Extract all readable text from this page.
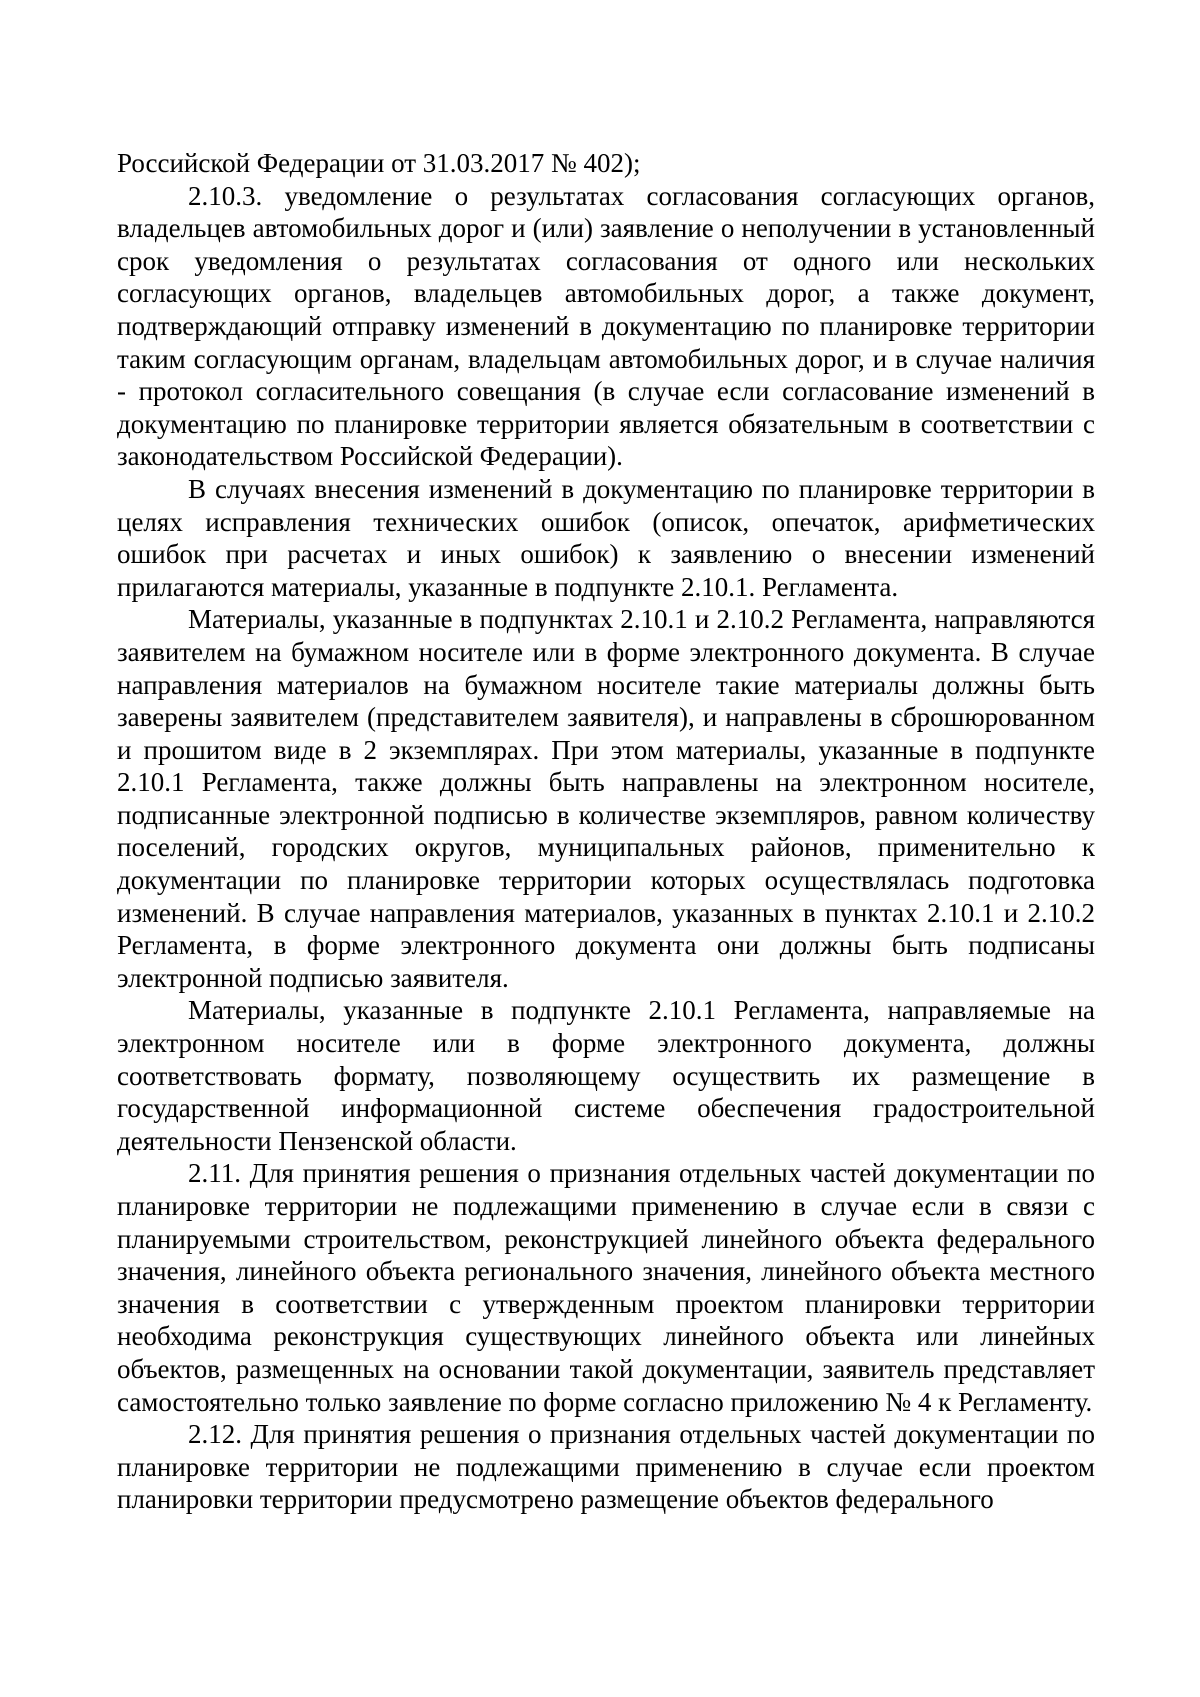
Российской Федерации от 31.03.2017 № 402);

2.10.3. уведомление о результатах согласования согласующих органов, владельцев автомобильных дорог и (или) заявление о неполучении в установленный срок уведомления о результатах согласования от одного или нескольких согласующих органов, владельцев автомобильных дорог, а также документ, подтверждающий отправку изменений в документацию по планировке территории таким согласующим органам, владельцам автомобильных дорог, и в случае наличия - протокол согласительного совещания (в случае если согласование изменений в документацию по планировке территории является обязательным в соответствии с законодательством Российской Федерации).

В случаях внесения изменений в документацию по планировке территории в целях исправления технических ошибок (описок, опечаток, арифметических ошибок при расчетах и иных ошибок) к заявлению о внесении изменений прилагаются материалы, указанные в подпункте 2.10.1. Регламента.

Материалы, указанные в подпунктах 2.10.1 и 2.10.2 Регламента, направляются заявителем на бумажном носителе или в форме электронного документа. В случае направления материалов на бумажном носителе такие материалы должны быть заверены заявителем (представителем заявителя), и направлены в сброшюрованном и прошитом виде в 2 экземплярах. При этом материалы, указанные в подпункте 2.10.1 Регламента, также должны быть направлены на электронном носителе, подписанные электронной подписью в количестве экземпляров, равном количеству поселений, городских округов, муниципальных районов, применительно к документации по планировке территории которых осуществлялась подготовка изменений. В случае направления материалов, указанных в пунктах 2.10.1 и 2.10.2 Регламента, в форме электронного документа они должны быть подписаны электронной подписью заявителя.

Материалы, указанные в подпункте 2.10.1 Регламента, направляемые на электронном носителе или в форме электронного документа, должны соответствовать формату, позволяющему осуществить их размещение в государственной информационной системе обеспечения градостроительной деятельности Пензенской области.

2.11. Для принятия решения о признания отдельных частей документации по планировке территории не подлежащими применению в случае если в связи с планируемыми строительством, реконструкцией линейного объекта федерального значения, линейного объекта регионального значения, линейного объекта местного значения в соответствии с утвержденным проектом планировки территории необходима реконструкция существующих линейного объекта или линейных объектов, размещенных на основании такой документации, заявитель представляет самостоятельно только заявление по форме согласно приложению № 4 к Регламенту.

2.12. Для принятия решения о признания отдельных частей документации по планировке территории не подлежащими применению в случае если проектом планировки территории предусмотрено размещение объектов федерального
